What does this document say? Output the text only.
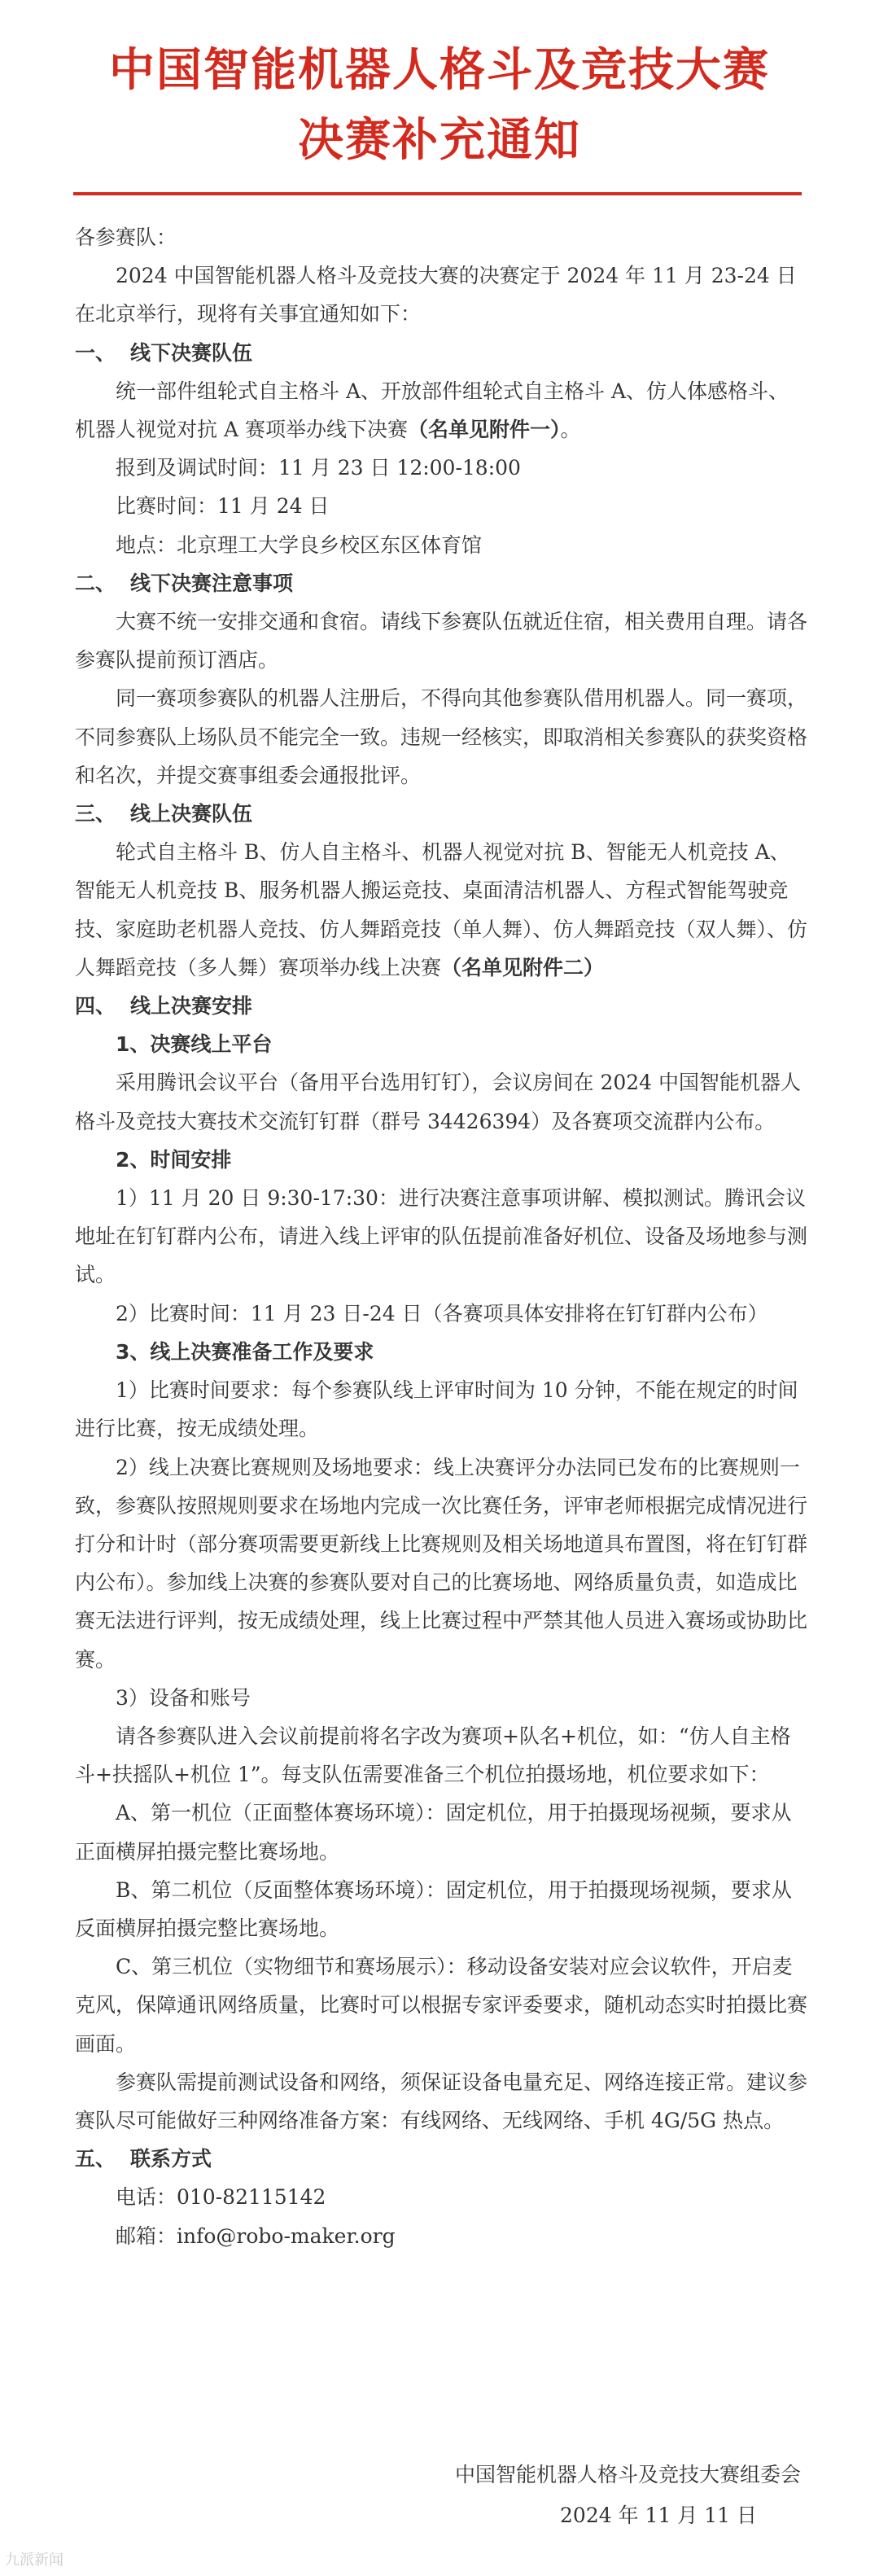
中国智能机器人格斗及竞技大赛
决赛补充通知

各参赛队：

2024 中国智能机器人格斗及竞技大赛的决赛定于 2024 年 11 月 23-24 日在北京举行，现将有关事宜通知如下：

一、 线下决赛队伍

统一部件组轮式自主格斗 A、开放部件组轮式自主格斗 A、仿人体感格斗、机器人视觉对抗 A 赛项举办线下决赛（名单见附件一）。

报到及调试时间：11 月 23 日 12:00-18:00

比赛时间：11 月 24 日

地点：北京理工大学良乡校区东区体育馆

二、 线下决赛注意事项

大赛不统一安排交通和食宿。请线下参赛队伍就近住宿，相关费用自理。请各参赛队提前预订酒店。

同一赛项参赛队的机器人注册后，不得向其他参赛队借用机器人。同一赛项，不同参赛队上场队员不能完全一致。违规一经核实，即取消相关参赛队的获奖资格和名次，并提交赛事组委会通报批评。

三、 线上决赛队伍

轮式自主格斗 B、仿人自主格斗、机器人视觉对抗 B、智能无人机竞技 A、智能无人机竞技 B、服务机器人搬运竞技、桌面清洁机器人、方程式智能驾驶竞技、家庭助老机器人竞技、仿人舞蹈竞技（单人舞）、仿人舞蹈竞技（双人舞）、仿人舞蹈竞技（多人舞）赛项举办线上决赛（名单见附件二）

四、 线上决赛安排

1、决赛线上平台

采用腾讯会议平台（备用平台选用钉钉），会议房间在 2024 中国智能机器人格斗及竞技大赛技术交流钉钉群（群号 34426394）及各赛项交流群内公布。

2、时间安排

1）11 月 20 日 9:30-17:30：进行决赛注意事项讲解、模拟测试。腾讯会议地址在钉钉群内公布，请进入线上评审的队伍提前准备好机位、设备及场地参与测试。

2）比赛时间：11 月 23 日-24 日（各赛项具体安排将在钉钉群内公布）

3、线上决赛准备工作及要求

1）比赛时间要求：每个参赛队线上评审时间为 10 分钟，不能在规定的时间进行比赛，按无成绩处理。

2）线上决赛比赛规则及场地要求：线上决赛评分办法同已发布的比赛规则一致，参赛队按照规则要求在场地内完成一次比赛任务，评审老师根据完成情况进行打分和计时（部分赛项需要更新线上比赛规则及相关场地道具布置图，将在钉钉群内公布）。参加线上决赛的参赛队要对自己的比赛场地、网络质量负责，如造成比赛无法进行评判，按无成绩处理，线上比赛过程中严禁其他人员进入赛场或协助比赛。

3）设备和账号

请各参赛队进入会议前提前将名字改为赛项+队名+机位，如：“仿人自主格斗+扶摇队+机位 1”。每支队伍需要准备三个机位拍摄场地，机位要求如下：

A、第一机位（正面整体赛场环境）：固定机位，用于拍摄现场视频，要求从正面横屏拍摄完整比赛场地。

B、第二机位（反面整体赛场环境）：固定机位，用于拍摄现场视频，要求从反面横屏拍摄完整比赛场地。

C、第三机位（实物细节和赛场展示）：移动设备安装对应会议软件，开启麦克风，保障通讯网络质量，比赛时可以根据专家评委要求，随机动态实时拍摄比赛画面。

参赛队需提前测试设备和网络，须保证设备电量充足、网络连接正常。建议参赛队尽可能做好三种网络准备方案：有线网络、无线网络、手机 4G/5G 热点。

五、 联系方式

电话：010-82115142

邮箱：info@robo-maker.org

中国智能机器人格斗及竞技大赛组委会
2024 年 11 月 11 日
九派新闻
